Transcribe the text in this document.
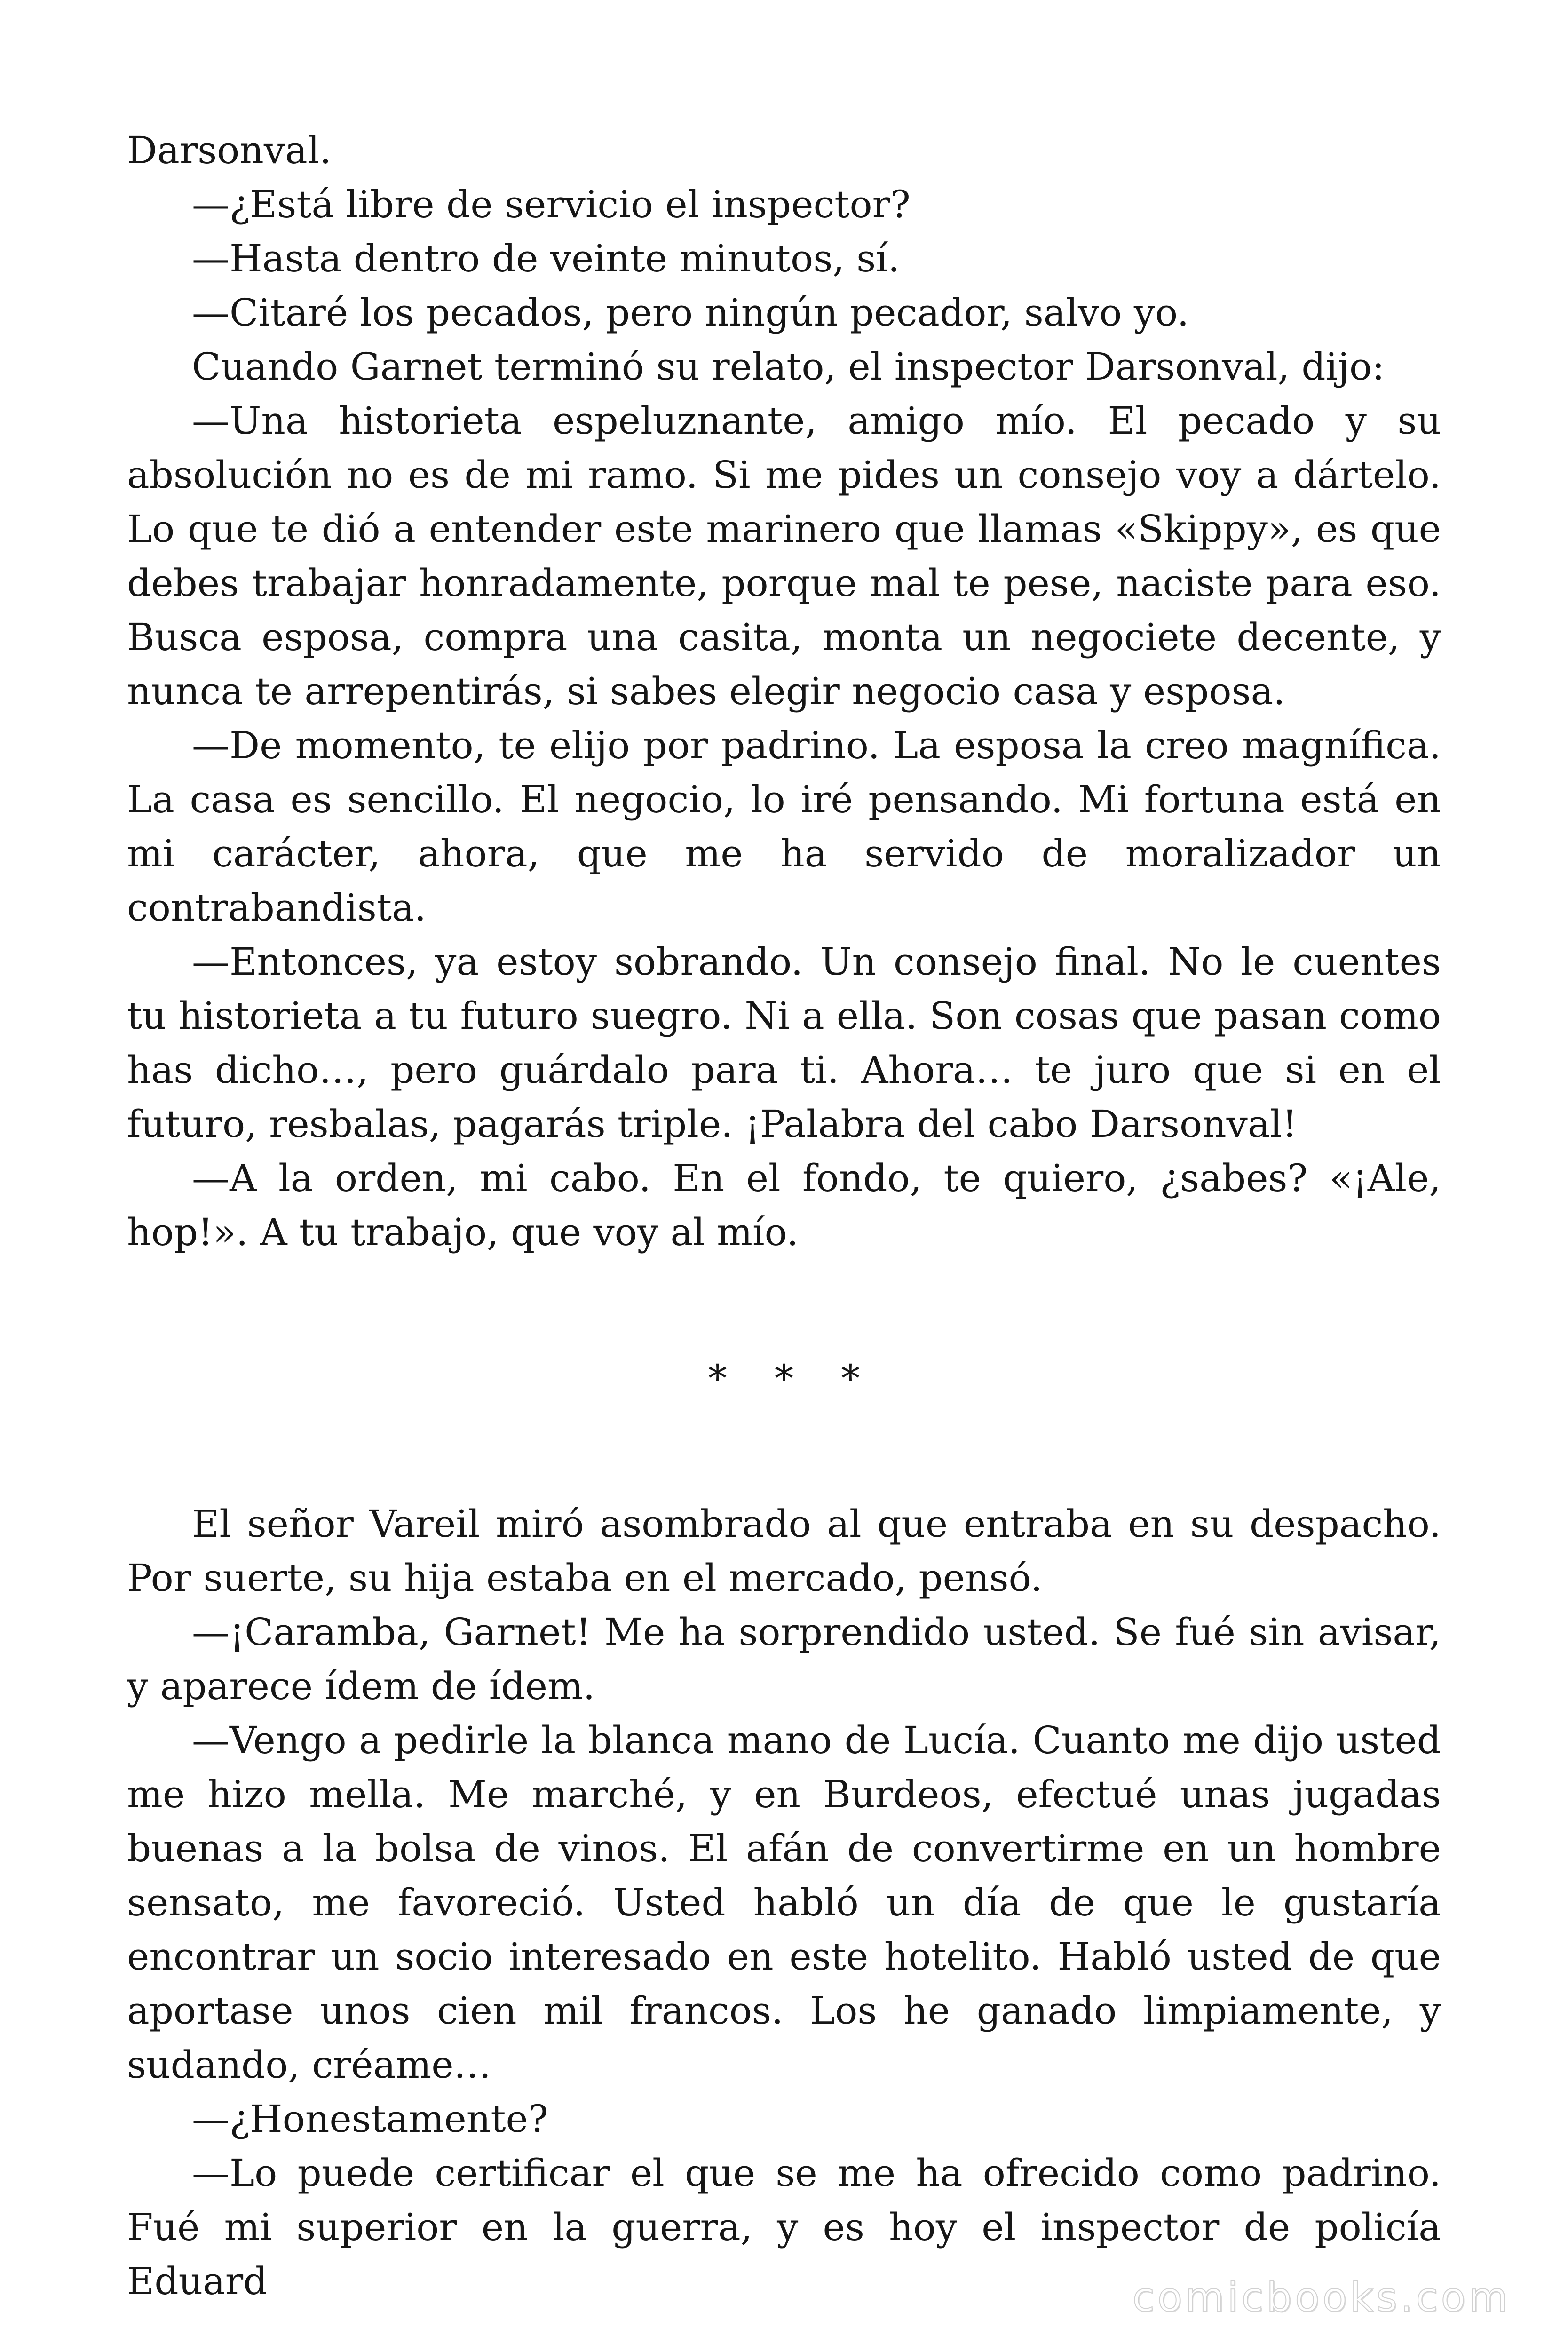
Darsonval.

—¿Está libre de servicio el inspector?

—Hasta dentro de veinte minutos, sí.

—Citaré los pecados, pero ningún pecador, salvo yo.

Cuando Garnet terminó su relato, el inspector Darsonval, dijo:

—Una historieta espeluznante, amigo mío. El pecado y su absolución no es de mi ramo. Si me pides un consejo voy a dártelo. Lo que te dió a entender este marinero que llamas «Skippy», es que debes trabajar honradamente, porque mal te pese, naciste para eso. Busca esposa, compra una casita, monta un negociete decente, y nunca te arrepentirás, si sabes elegir negocio casa y esposa.

—De momento, te elijo por padrino. La esposa la creo magnífica. La casa es sencillo. El negocio, lo iré pensando. Mi fortuna está en mi carácter, ahora, que me ha servido de moralizador un contrabandista.

—Entonces, ya estoy sobrando. Un consejo final. No le cuentes tu historieta a tu futuro suegro. Ni a ella. Son cosas que pasan como has dicho…, pero guárdalo para ti. Ahora… te juro que si en el futuro, resbalas, pagarás triple. ¡Palabra del cabo Darsonval!

—A la orden, mi cabo. En el fondo, te quiero, ¿sabes? «¡Ale, hop!». A tu trabajo, que voy al mío.

* * *

El señor Vareil miró asombrado al que entraba en su despacho. Por suerte, su hija estaba en el mercado, pensó.

—¡Caramba, Garnet! Me ha sorprendido usted. Se fué sin avisar, y aparece ídem de ídem.

—Vengo a pedirle la blanca mano de Lucía. Cuanto me dijo usted me hizo mella. Me marché, y en Burdeos, efectué unas jugadas buenas a la bolsa de vinos. El afán de convertirme en un hombre sensato, me favoreció. Usted habló un día de que le gustaría encontrar un socio interesado en este hotelito. Habló usted de que aportase unos cien mil francos. Los he ganado limpiamente, y sudando, créame…

—¿Honestamente?

—Lo puede certificar el que se me ha ofrecido como padrino. Fué mi superior en la guerra, y es hoy el inspector de policía Eduard	comicbooks.com
